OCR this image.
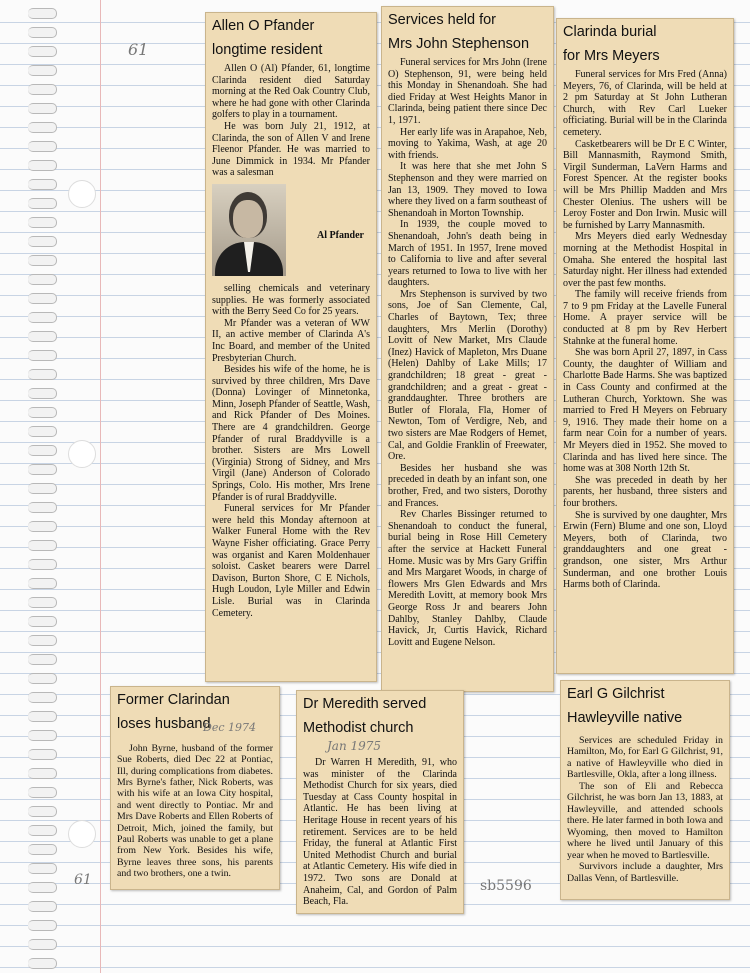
61
61	sb5596
Allen O Pfander
longtime resident

Allen O (Al) Pfander, 61, longtime Clarinda resident died Saturday morning at the Red Oak Country Club, where he had gone with other Clarinda golfers to play in a tournament.

He was born July 21, 1912, at Clarinda, the son of Allen V and Irene Fleenor Pfander. He was married to June Dimmick in 1934. Mr Pfander was a salesman

Al Pfander

selling chemicals and veterinary supplies. He was formerly associated with the Berry Seed Co for 25 years.

Mr Pfander was a veteran of WW II, an active member of Clarinda A's Inc Board, and member of the United Presbyterian Church.

Besides his wife of the home, he is survived by three children, Mrs Dave (Donna) Lovinger of Minnetonka, Minn, Joseph Pfander of Seattle, Wash, and Rick Pfander of Des Moines. There are 4 grandchildren. George Pfander of rural Braddyville is a brother. Sisters are Mrs Lowell (Virginia) Strong of Sidney, and Mrs Virgil (Jane) Anderson of Colorado Springs, Colo. His mother, Mrs Irene Pfander is of rural Braddyville.

Funeral services for Mr Pfander were held this Monday afternoon at Walker Funeral Home with the Rev Wayne Fisher officiating. Grace Perry was organist and Karen Moldenhauer soloist. Casket bearers were Darrel Davison, Burton Shore, C E Nichols, Hugh Loudon, Lyle Miller and Edwin Lisle. Burial was in Clarinda Cemetery.

Services held for
Mrs John Stephenson

Funeral services for Mrs John (Irene O) Stephenson, 91, were being held this Monday in Shenandoah. She had died Friday at West Heights Manor in Clarinda, being patient there since Dec 1, 1971.

Her early life was in Arapahoe, Neb, moving to Yakima, Wash, at age 20 with friends.

It was here that she met John S Stephenson and they were married on Jan 13, 1909. They moved to Iowa where they lived on a farm southeast of Shenandoah in Morton Township.

In 1939, the couple moved to Shenandoah, John's death being in March of 1951. In 1957, Irene moved to California to live and after several years returned to Iowa to live with her daughters.

Mrs Stephenson is survived by two sons, Joe of San Clemente, Cal, Charles of Baytown, Tex; three daughters, Mrs Merlin (Dorothy) Lovitt of New Market, Mrs Claude (Inez) Havick of Mapleton, Mrs Duane (Helen) Dahlby of Lake Mills; 17 grandchildren; 18 great - great - grandchildren; and a great - great - granddaughter. Three brothers are Butler of Florala, Fla, Homer of Newton, Tom of Verdigre, Neb, and two sisters are Mae Rodgers of Hemet, Cal, and Goldie Franklin of Freewater, Ore.

Besides her husband she was preceded in death by an infant son, one brother, Fred, and two sisters, Dorothy and Frances.

Rev Charles Bissinger returned to Shenandoah to conduct the funeral, burial being in Rose Hill Cemetery after the service at Hackett Funeral Home. Music was by Mrs Gary Griffin and Mrs Margaret Woods, in charge of flowers Mrs Glen Edwards and Mrs Meredith Lovitt, at memory book Mrs George Ross Jr and bearers John Dahlby, Stanley Dahlby, Claude Havick, Jr, Curtis Havick, Richard Lovitt and Eugene Nelson.

Clarinda burial
for Mrs Meyers

Funeral services for Mrs Fred (Anna) Meyers, 76, of Clarinda, will be held at 2 pm Saturday at St John Lutheran Church, with Rev Carl Lueker officiating. Burial will be in the Clarinda cemetery.

Casketbearers will be Dr E C Winter, Bill Mannasmith, Raymond Smith, Virgil Sunderman, LaVern Harms and Forest Spencer. At the register books will be Mrs Phillip Madden and Mrs Chester Olenius. The ushers will be Leroy Foster and Don Irwin. Music will be furnished by Larry Mannasmith.

Mrs Meyers died early Wednesday morning at the Methodist Hospital in Omaha. She entered the hospital last Saturday night. Her illness had extended over the past few months.

The family will receive friends from 7 to 9 pm Friday at the Lavelle Funeral Home. A prayer service will be conducted at 8 pm by Rev Herbert Stahnke at the funeral home.

She was born April 27, 1897, in Cass County, the daughter of William and Charlotte Bade Harms. She was baptized in Cass County and confirmed at the Lutheran Church, Yorktown. She was married to Fred H Meyers on February 9, 1916. They made their home on a farm near Coin for a number of years. Mr Meyers died in 1952. She moved to Clarinda and has lived here since. The home was at 308 North 12th St.

She was preceded in death by her parents, her husband, three sisters and four brothers.

She is survived by one daughter, Mrs Erwin (Fern) Blume and one son, Lloyd Meyers, both of Clarinda, two granddaughters and one great - grandson, one sister, Mrs Arthur Sunderman, and one brother Louis Harms both of Clarinda.

Former Clarindan
loses husband
Dec 1974

John Byrne, husband of the former Sue Roberts, died Dec 22 at Pontiac, Ill, during complications from diabetes. Mrs Byrne's father, Nick Roberts, was with his wife at an Iowa City hospital, and went directly to Pontiac. Mr and Mrs Dave Roberts and Ellen Roberts of Detroit, Mich, joined the family, but Paul Roberts was unable to get a plane from New York. Besides his wife, Byrne leaves three sons, his parents and two brothers, one a twin.

Dr Meredith served
Methodist church
Jan 1975

Dr Warren H Meredith, 91, who was minister of the Clarinda Methodist Church for six years, died Tuesday at Cass County hospital in Atlantic. He has been living at Heritage House in recent years of his retirement. Services are to be held Friday, the funeral at Atlantic First United Methodist Church and burial at Atlantic Cemetery. His wife died in 1972. Two sons are Donald at Anaheim, Cal, and Gordon of Palm Beach, Fla.

Earl G Gilchrist
Hawleyville native

Services are scheduled Friday in Hamilton, Mo, for Earl G Gilchrist, 91, a native of Hawleyville who died in Bartlesville, Okla, after a long illness.

The son of Eli and Rebecca Gilchrist, he was born Jan 13, 1883, at Hawleyville, and attended schools there. He later farmed in both Iowa and Wyoming, then moved to Hamilton where he lived until January of this year when he moved to Bartlesville.

Survivors include a daughter, Mrs Dallas Venn, of Bartlesville.
